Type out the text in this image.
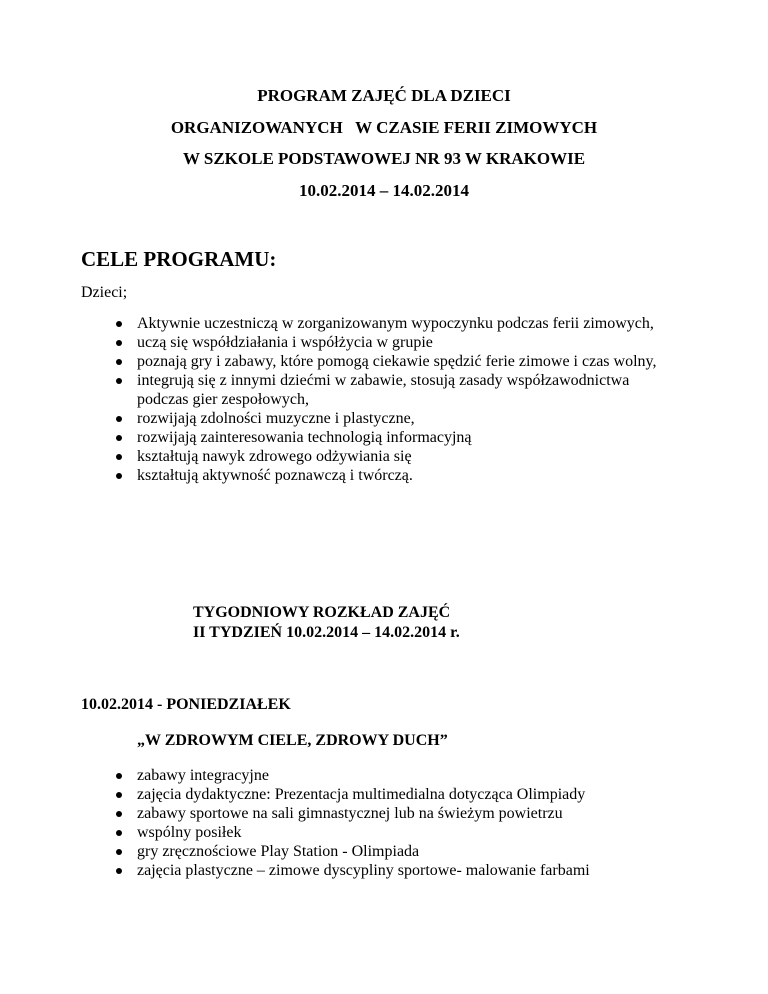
PROGRAM ZAJĘĆ DLA DZIECI
ORGANIZOWANYCH   W CZASIE FERII ZIMOWYCH
W SZKOLE PODSTAWOWEJ NR 93 W KRAKOWIE
10.02.2014 – 14.02.2014
CELE PROGRAMU:
Dzieci;
Aktywnie uczestniczą w zorganizowanym wypoczynku podczas ferii zimowych,
uczą się współdziałania i współżycia w grupie
poznają gry i zabawy, które pomogą ciekawie spędzić ferie zimowe i czas wolny,
integrują się z innymi dziećmi w zabawie, stosują zasady współzawodnictwa podczas gier zespołowych,
rozwijają zdolności muzyczne i plastyczne,
rozwijają zainteresowania technologią informacyjną
kształtują nawyk zdrowego odżywiania się
kształtują aktywność poznawczą i twórczą.
TYGODNIOWY ROZKŁAD ZAJĘĆ
II TYDZIEŃ 10.02.2014 – 14.02.2014 r.
10.02.2014 - PONIEDZIAŁEK
„W ZDROWYM CIELE, ZDROWY DUCH”
zabawy integracyjne
zajęcia dydaktyczne: Prezentacja multimedialna dotycząca Olimpiady
zabawy sportowe na sali gimnastycznej lub na świeżym powietrzu
wspólny posiłek
gry zręcznościowe Play Station - Olimpiada
zajęcia plastyczne – zimowe dyscypliny sportowe- malowanie farbami
